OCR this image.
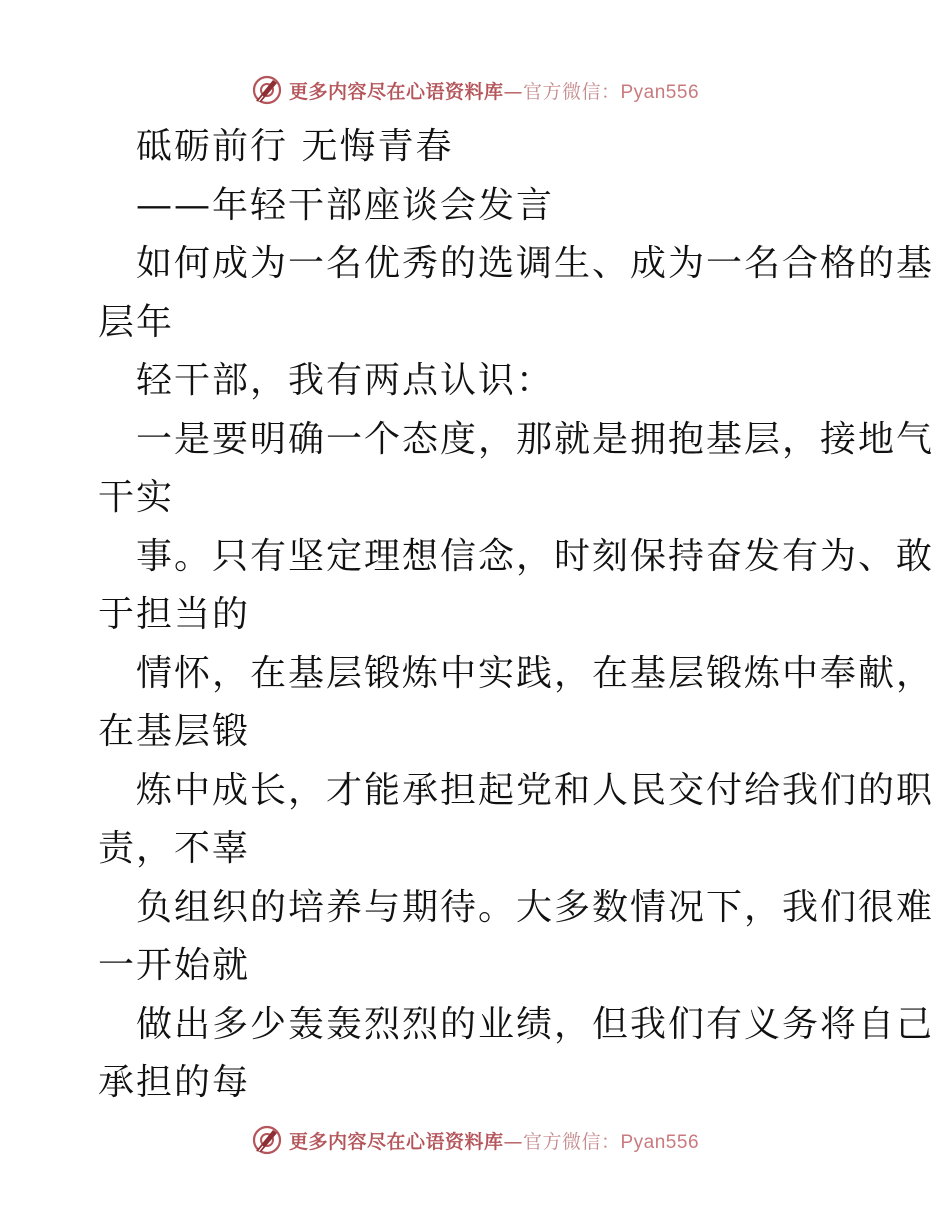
更多内容尽在心语资料库—官方微信：Pyan556
砥砺前行 无悔青春
——年轻干部座谈会发言
如何成为一名优秀的选调生、成为一名合格的基
层年
轻干部，我有两点认识：
一是要明确一个态度，那就是拥抱基层，接地气
干实
事。只有坚定理想信念，时刻保持奋发有为、敢
于担当的
情怀，在基层锻炼中实践，在基层锻炼中奉献，
在基层锻
炼中成长，才能承担起党和人民交付给我们的职
责，不辜
负组织的培养与期待。大多数情况下，我们很难
一开始就
做出多少轰轰烈烈的业绩，但我们有义务将自己
承担的每
更多内容尽在心语资料库—官方微信：Pyan556
